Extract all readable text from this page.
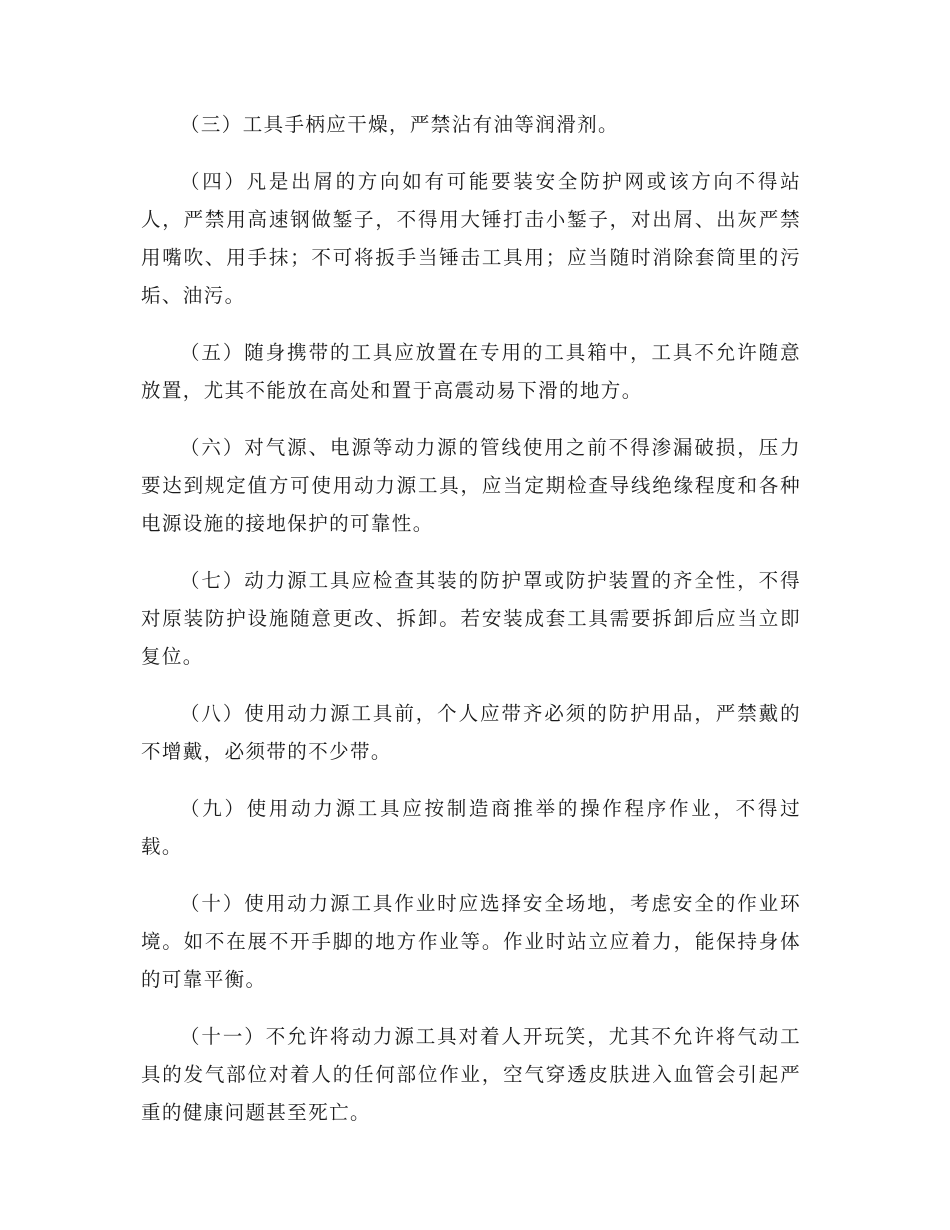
（三）工具手柄应干燥，严禁沾有油等润滑剂。

（四）凡是出屑的方向如有可能要装安全防护网或该方向不得站人，严禁用高速钢做錾子，不得用大锤打击小錾子，对出屑、出灰严禁用嘴吹、用手抹；不可将扳手当锤击工具用；应当随时消除套筒里的污垢、油污。

（五）随身携带的工具应放置在专用的工具箱中，工具不允许随意放置，尤其不能放在高处和置于高震动易下滑的地方。

（六）对气源、电源等动力源的管线使用之前不得渗漏破损，压力要达到规定值方可使用动力源工具，应当定期检查导线绝缘程度和各种电源设施的接地保护的可靠性。

（七）动力源工具应检查其装的防护罩或防护装置的齐全性，不得对原装防护设施随意更改、拆卸。若安装成套工具需要拆卸后应当立即复位。

（八）使用动力源工具前，个人应带齐必须的防护用品，严禁戴的不增戴，必须带的不少带。

（九）使用动力源工具应按制造商推举的操作程序作业，不得过载。

（十）使用动力源工具作业时应选择安全场地，考虑安全的作业环境。如不在展不开手脚的地方作业等。作业时站立应着力，能保持身体的可靠平衡。

（十一）不允许将动力源工具对着人开玩笑，尤其不允许将气动工具的发气部位对着人的任何部位作业，空气穿透皮肤进入血管会引起严重的健康问题甚至死亡。
